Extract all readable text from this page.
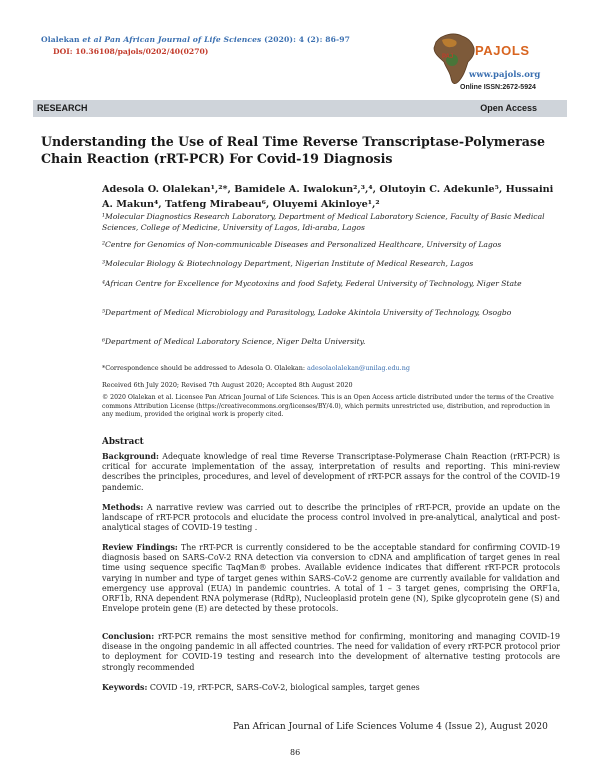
Olalekan et al Pan African Journal of Life Sciences (2020): 4 (2): 86-97
DOI: 10.36108/pajols/0202/40(0270)
PAJ PAJOLS
www.pajols.org
Online ISSN:2672-5924
RESEARCH	Open Access
Understanding the Use of Real Time Reverse Transcriptase-Polymerase Chain Reaction (rRT-PCR) For Covid-19 Diagnosis
Adesola O. Olalekan¹,²*, Bamidele A. Iwalokun²,³,⁴, Olutoyin C. Adekunle⁵, Hussaini A. Makun⁴, Tatfeng Mirabeau⁶, Oluyemi Akinloye¹,²
¹Molecular Diagnostics Research Laboratory, Department of Medical Laboratory Science, Faculty of Basic Medical Sciences, College of Medicine, University of Lagos, Idi-araba, Lagos
²Centre for Genomics of Non-communicable Diseases and Personalized Healthcare, University of Lagos
³Molecular Biology & Biotechnology Department, Nigerian Institute of Medical Research, Lagos
⁴African Centre for Excellence for Mycotoxins and food Safety, Federal University of Technology, Niger State
⁵Department of Medical Microbiology and Parasitology, Ladoke Akintola University of Technology, Osogbo
⁶Department of Medical Laboratory Science, Niger Delta University.
*Correspondence should be addressed to Adesola O. Olalekan: adesolaolalekan@unilag.edu.ng
Received 6th July 2020; Revised 7th August 2020; Accepted 8th August 2020
© 2020 Olalekan et al. Licensee Pan African Journal of Life Sciences. This is an Open Access article distributed under the terms of the Creative commons Attribution License (https://creativecommons.org/licenses/BY/4.0), which permits unrestricted use, distribution, and reproduction in any medium, provided the original work is properly cited.
Abstract
Background: Adequate knowledge of real time Reverse Transcriptase-Polymerase Chain Reaction (rRT-PCR) is critical for accurate implementation of the assay, interpretation of results and reporting. This mini-review describes the principles, procedures, and level of development of rRT-PCR assays for the control of the COVID-19 pandemic.
Methods: A narrative review was carried out to describe the principles of rRT-PCR, provide an update on the landscape of rRT-PCR protocols and elucidate the process control involved in pre-analytical, analytical and post-analytical stages of COVID-19 testing .
Review Findings: The rRT-PCR is currently considered to be the acceptable standard for confirming COVID-19 diagnosis based on SARS-CoV-2 RNA detection via conversion to cDNA and amplification of target genes in real time using sequence specific TaqMan® probes. Available evidence indicates that different rRT-PCR protocols varying in number and type of target genes within SARS-CoV-2 genome are currently available for validation and emergency use approval (EUA) in pandemic countries. A total of 1 – 3 target genes, comprising the ORF1a, ORF1b, RNA dependent RNA polymerase (RdRp), Nucleoplasid protein gene (N), Spike glycoprotein gene (S) and Envelope protein gene (E) are detected by these protocols.
Conclusion: rRT-PCR remains the most sensitive method for confirming, monitoring and managing COVID-19 disease in the ongoing pandemic in all affected countries. The need for validation of every rRT-PCR protocol prior to deployment for COVID-19 testing and research into the development of alternative testing protocols are strongly recommended
Keywords: COVID -19, rRT-PCR, SARS-CoV-2, biological samples, target genes
Pan African Journal of Life Sciences Volume 4 (Issue 2), August 2020
86
